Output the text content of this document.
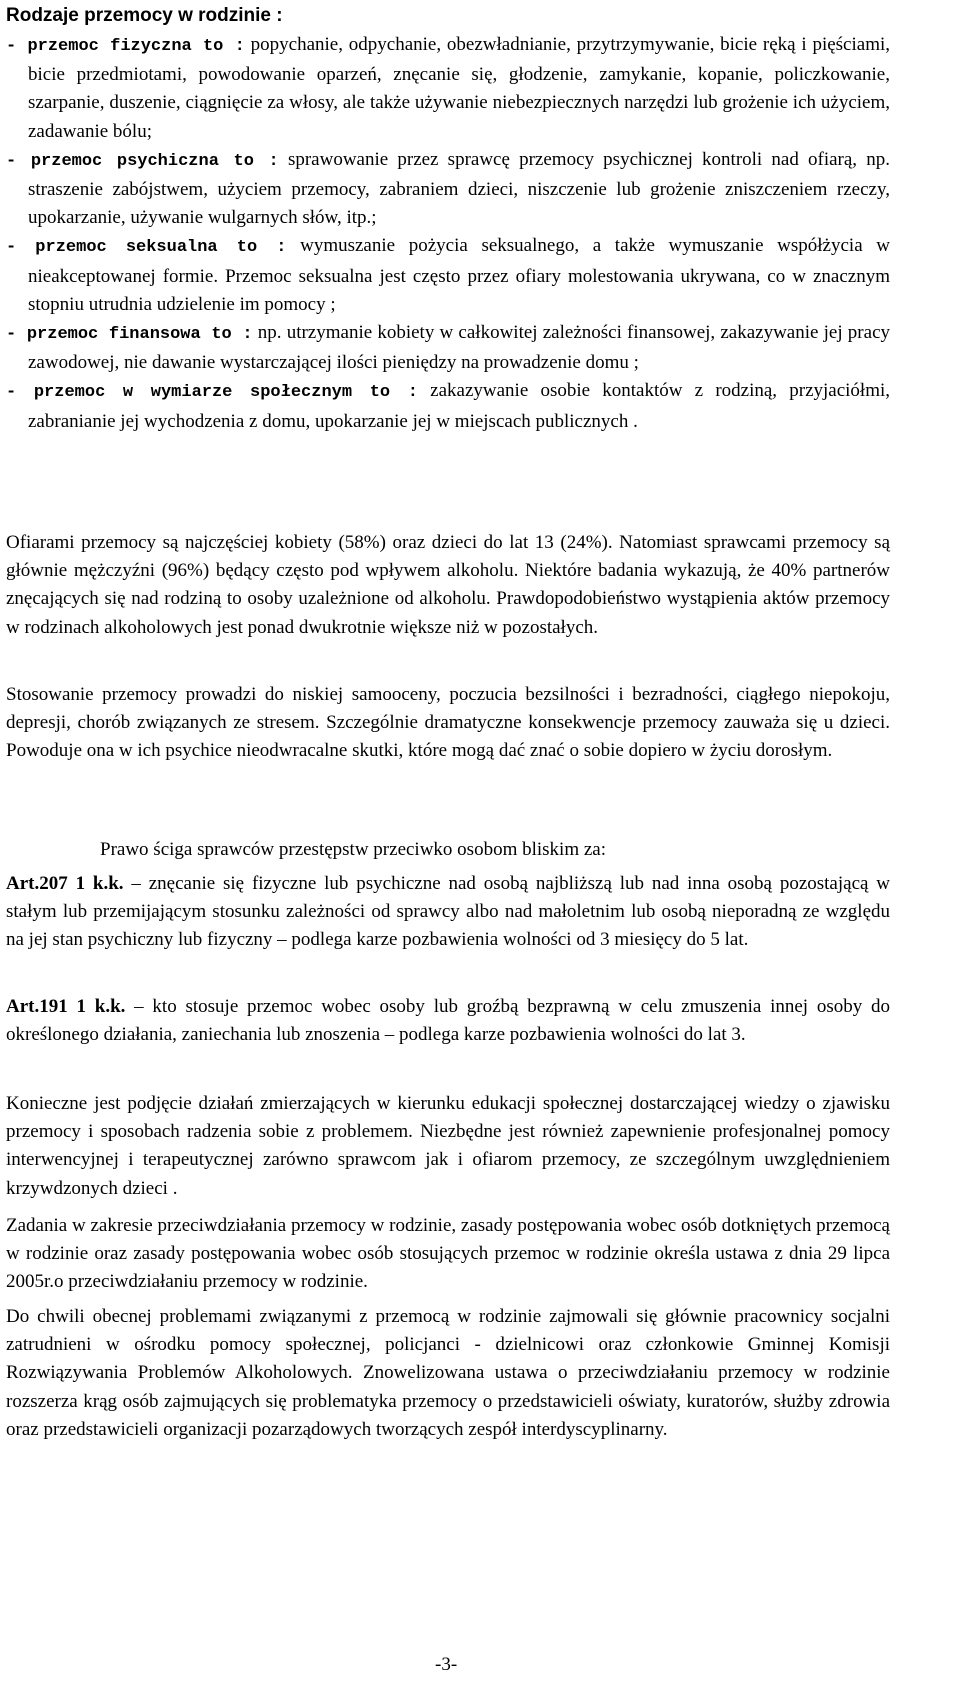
Rodzaje przemocy w rodzinie :

- przemoc fizyczna to : popychanie, odpychanie, obezwładnianie, przytrzymywanie, bicie ręką i pięściami, bicie przedmiotami, powodowanie oparzeń, znęcanie się, głodzenie, zamykanie, kopanie, policzkowanie, szarpanie, duszenie, ciągnięcie za włosy, ale także używanie niebezpiecznych narzędzi lub grożenie ich użyciem, zadawanie bólu;

- przemoc psychiczna to : sprawowanie przez sprawcę przemocy psychicznej kontroli nad ofiarą, np. straszenie zabójstwem, użyciem przemocy, zabraniem dzieci, niszczenie lub grożenie zniszczeniem rzeczy, upokarzanie, używanie wulgarnych słów, itp.;

- przemoc seksualna to : wymuszanie pożycia seksualnego, a także wymuszanie współżycia w nieakceptowanej formie. Przemoc seksualna jest często przez ofiary molestowania ukrywana, co w znacznym stopniu utrudnia udzielenie im pomocy ;

- przemoc finansowa to : np. utrzymanie kobiety w całkowitej zależności finansowej, zakazywanie jej pracy zawodowej, nie dawanie wystarczającej ilości pieniędzy na prowadzenie domu ;

- przemoc w wymiarze społecznym to : zakazywanie osobie kontaktów z rodziną, przyjaciółmi, zabranianie jej wychodzenia z domu, upokarzanie jej w miejscach publicznych .

Ofiarami przemocy są najczęściej kobiety (58%) oraz dzieci do lat 13 (24%). Natomiast sprawcami przemocy są głównie mężczyźni (96%) będący często pod wpływem alkoholu. Niektóre badania wykazują, że 40% partnerów znęcających się nad rodziną to osoby uzależnione od alkoholu. Prawdopodobieństwo wystąpienia aktów przemocy w rodzinach alkoholowych jest ponad dwukrotnie większe niż w pozostałych.

Stosowanie przemocy prowadzi do niskiej samooceny, poczucia bezsilności i bezradności, ciągłego niepokoju, depresji, chorób związanych ze stresem. Szczególnie dramatyczne konsekwencje przemocy zauważa się u dzieci. Powoduje ona w ich psychice nieodwracalne skutki, które mogą dać znać o sobie dopiero w życiu dorosłym.

Prawo ściga sprawców przestępstw przeciwko osobom bliskim za:

Art.207 1 k.k. – znęcanie się fizyczne lub psychiczne nad osobą najbliższą lub nad inna osobą pozostającą w stałym lub przemijającym stosunku zależności od sprawcy albo nad małoletnim lub osobą nieporadną ze względu na jej stan psychiczny lub fizyczny – podlega karze pozbawienia wolności od 3 miesięcy do 5 lat.

Art.191 1 k.k. – kto stosuje przemoc wobec osoby lub groźbą bezprawną w celu zmuszenia innej osoby do określonego działania, zaniechania lub znoszenia – podlega karze pozbawienia wolności do lat 3.

Konieczne jest podjęcie działań zmierzających w kierunku edukacji społecznej dostarczającej wiedzy o zjawisku przemocy i sposobach radzenia sobie z problemem. Niezbędne jest również zapewnienie profesjonalnej pomocy interwencyjnej i terapeutycznej zarówno sprawcom jak i ofiarom przemocy, ze szczególnym uwzględnieniem krzywdzonych dzieci .

Zadania w zakresie przeciwdziałania przemocy w rodzinie, zasady postępowania wobec osób dotkniętych przemocą w rodzinie oraz zasady postępowania wobec osób stosujących przemoc w rodzinie określa ustawa z dnia 29 lipca 2005r.o przeciwdziałaniu przemocy w rodzinie.

Do chwili obecnej problemami związanymi z przemocą w rodzinie zajmowali się głównie pracownicy socjalni zatrudnieni w ośrodku pomocy społecznej, policjanci - dzielnicowi oraz członkowie Gminnej Komisji Rozwiązywania Problemów Alkoholowych. Znowelizowana ustawa o przeciwdziałaniu przemocy w rodzinie rozszerza krąg osób zajmujących się problematyka przemocy o przedstawicieli oświaty, kuratorów, służby zdrowia oraz przedstawicieli organizacji pozarządowych tworzących zespół interdyscyplinarny.

-3-
